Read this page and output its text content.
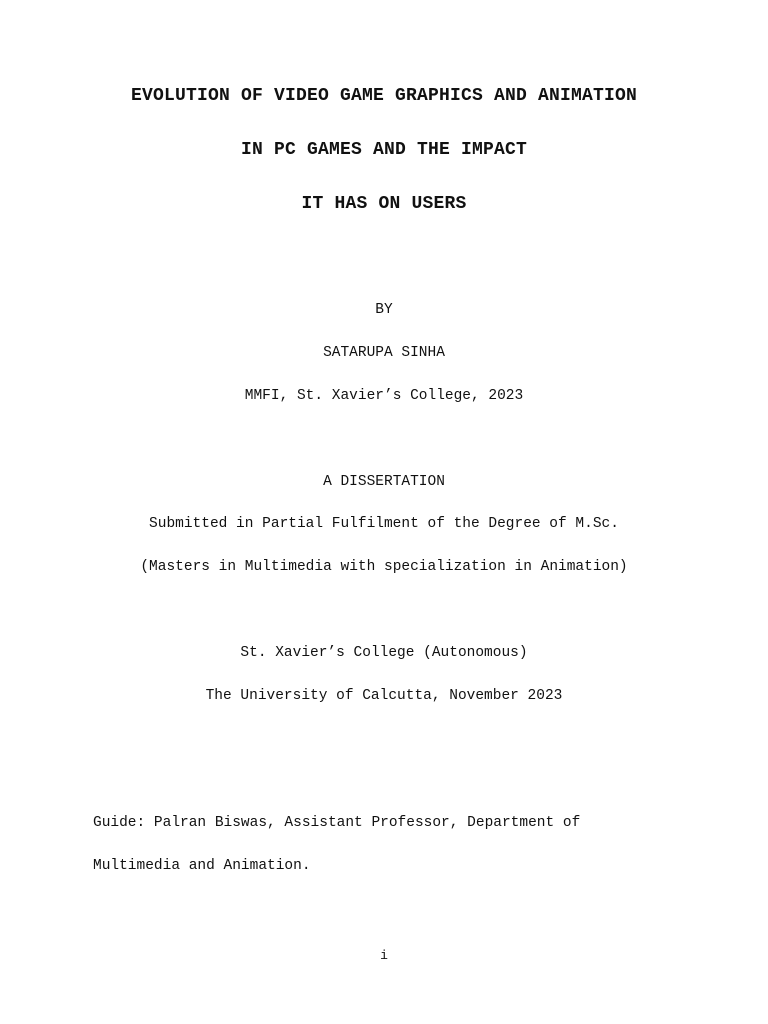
EVOLUTION OF VIDEO GAME GRAPHICS AND ANIMATION
IN PC GAMES AND THE IMPACT
IT HAS ON USERS
BY
SATARUPA SINHA
MMFI, St. Xavier’s College, 2023
A DISSERTATION
Submitted in Partial Fulfilment of the Degree of M.Sc.
(Masters in Multimedia with specialization in Animation)
St. Xavier’s College (Autonomous)
The University of Calcutta, November 2023
Guide: Palran Biswas, Assistant Professor, Department of
Multimedia and Animation.
i
